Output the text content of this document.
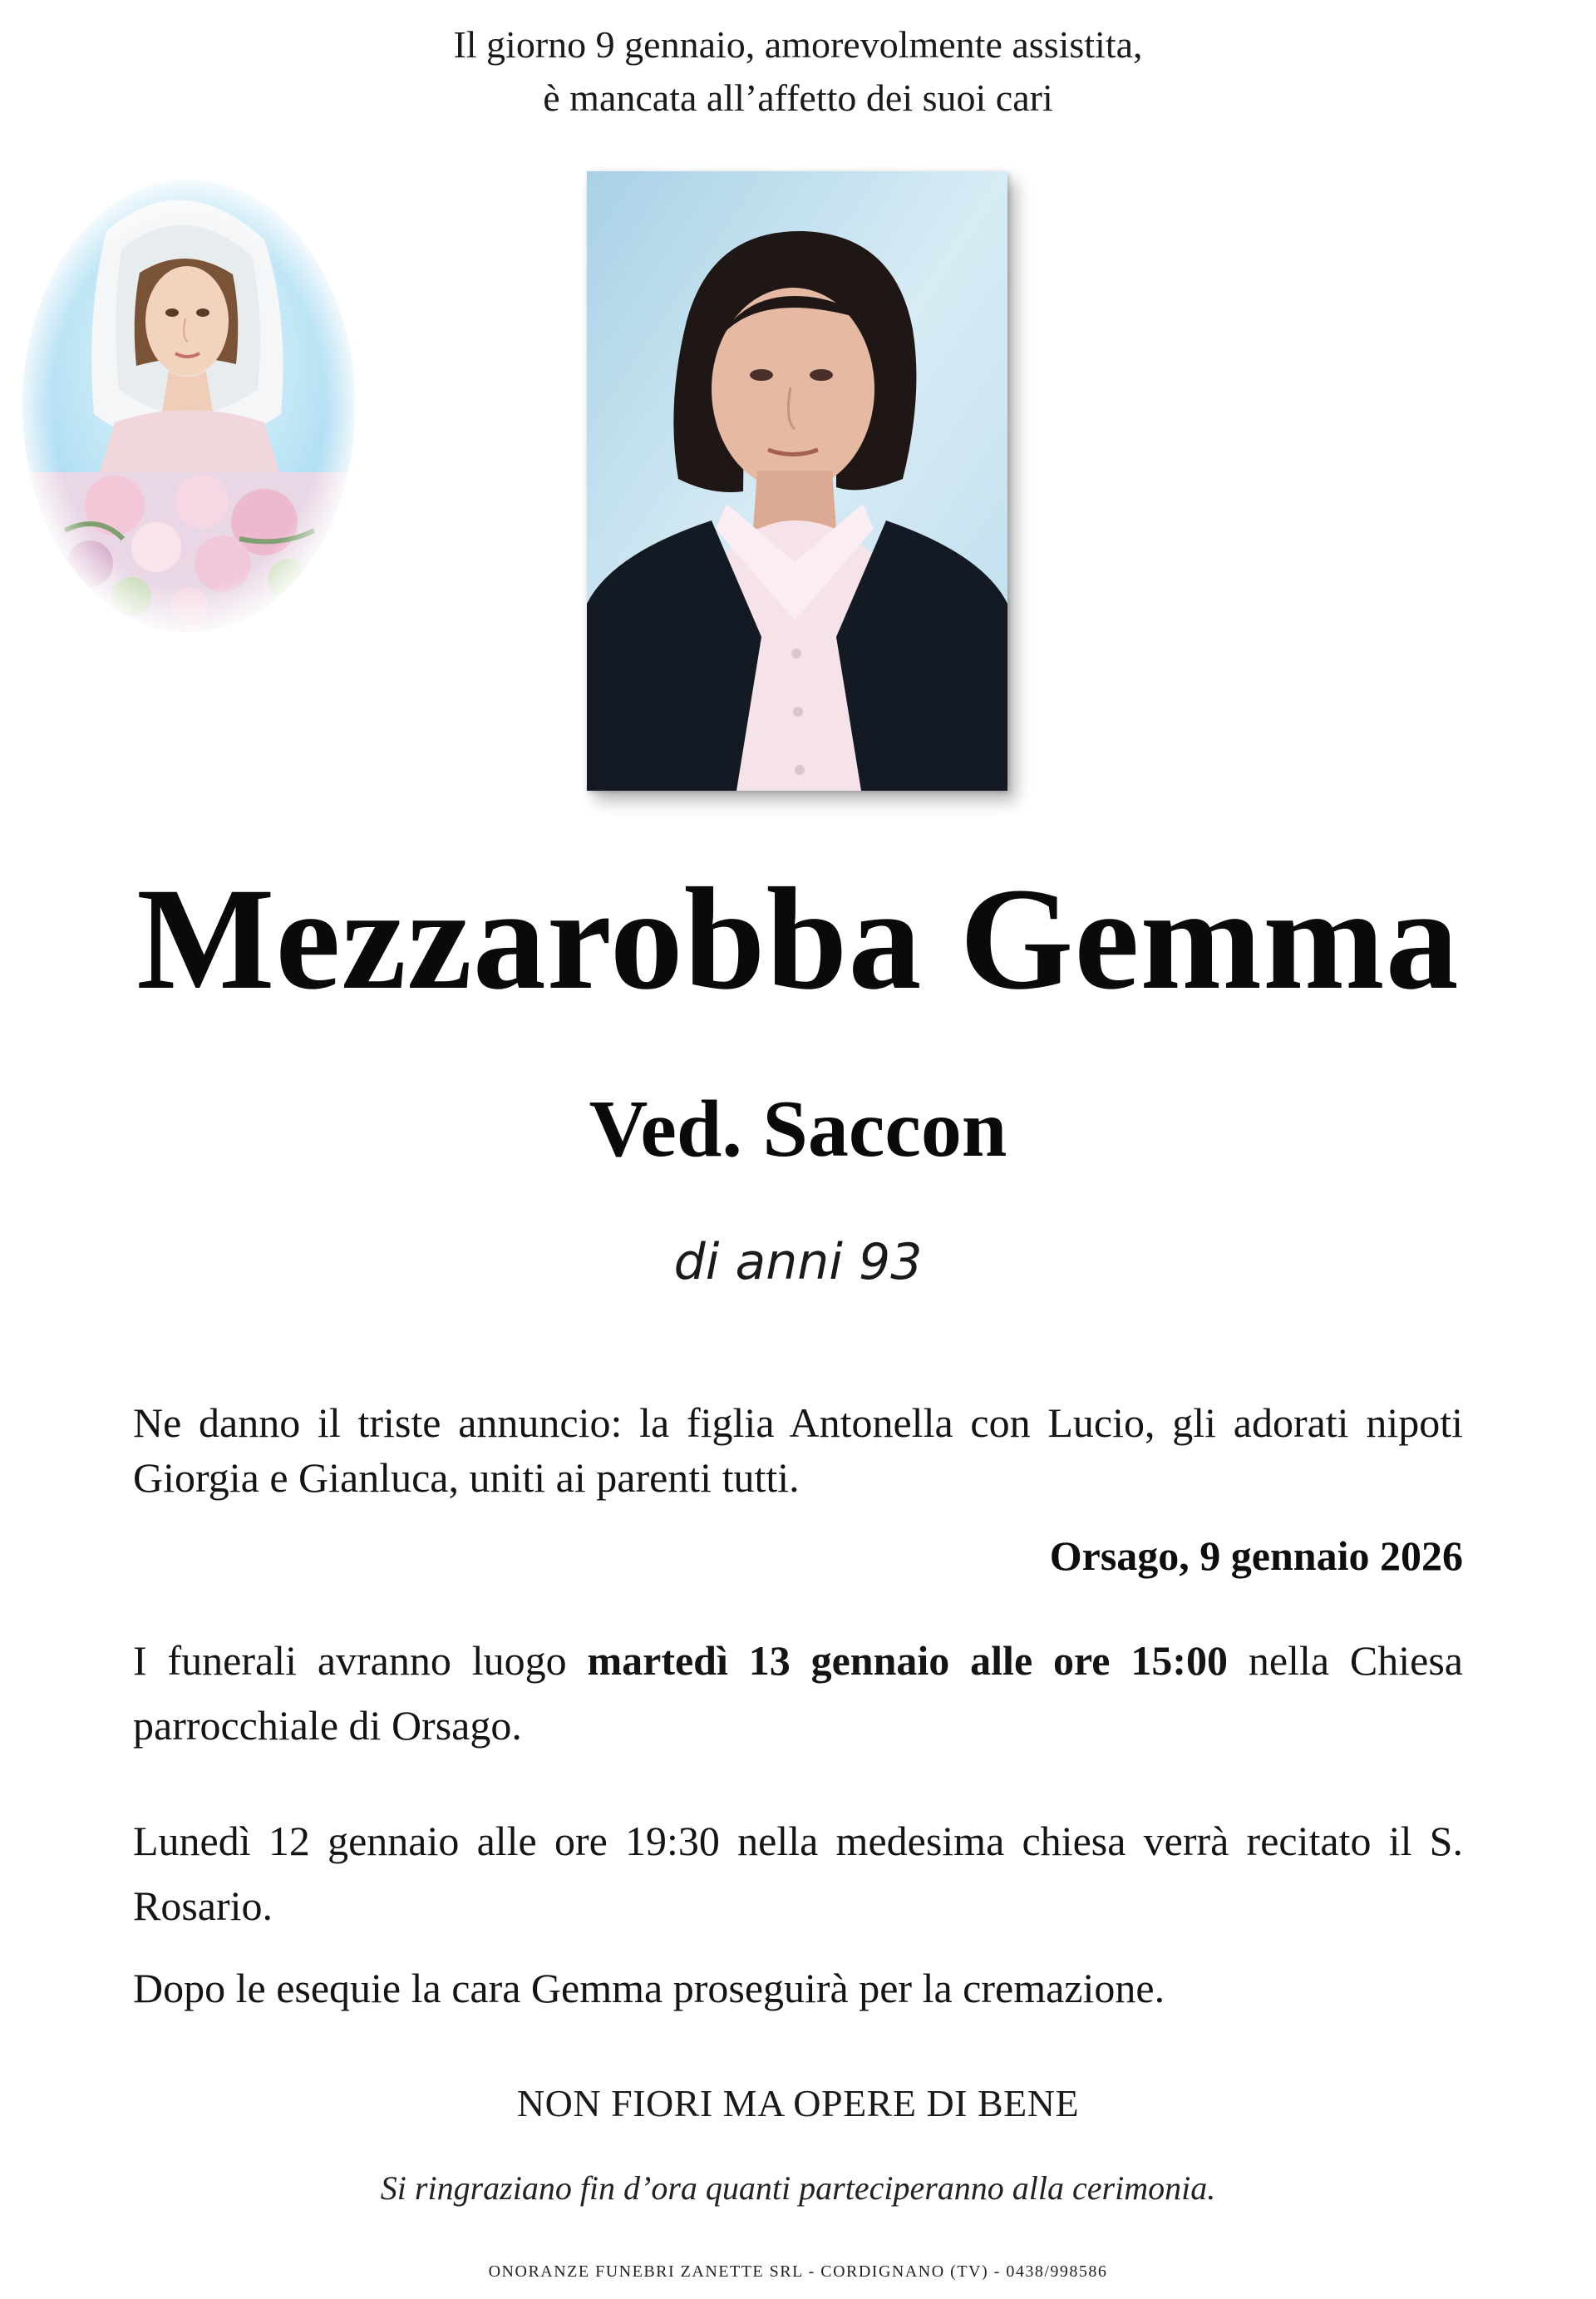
Il giorno 9 gennaio, amorevolmente assistita,
è mancata all’affetto dei suoi cari
Mezzarobba Gemma
Ved. Saccon
di anni 93
Ne danno il triste annuncio: la figlia Antonella con Lucio, gli adorati nipoti Giorgia e Gianluca, uniti ai parenti tutti.
Orsago, 9 gennaio 2026
I funerali avranno luogo martedì 13 gennaio alle ore 15:00 nella Chiesa parrocchiale di Orsago.
Lunedì 12 gennaio alle ore 19:30 nella medesima chiesa verrà recitato il S. Rosario.
Dopo le esequie la cara Gemma proseguirà per la cremazione.
NON FIORI MA OPERE DI BENE
Si ringraziano fin d’ora quanti parteciperanno alla cerimonia.
ONORANZE FUNEBRI ZANETTE SRL - CORDIGNANO (TV) - 0438/998586
